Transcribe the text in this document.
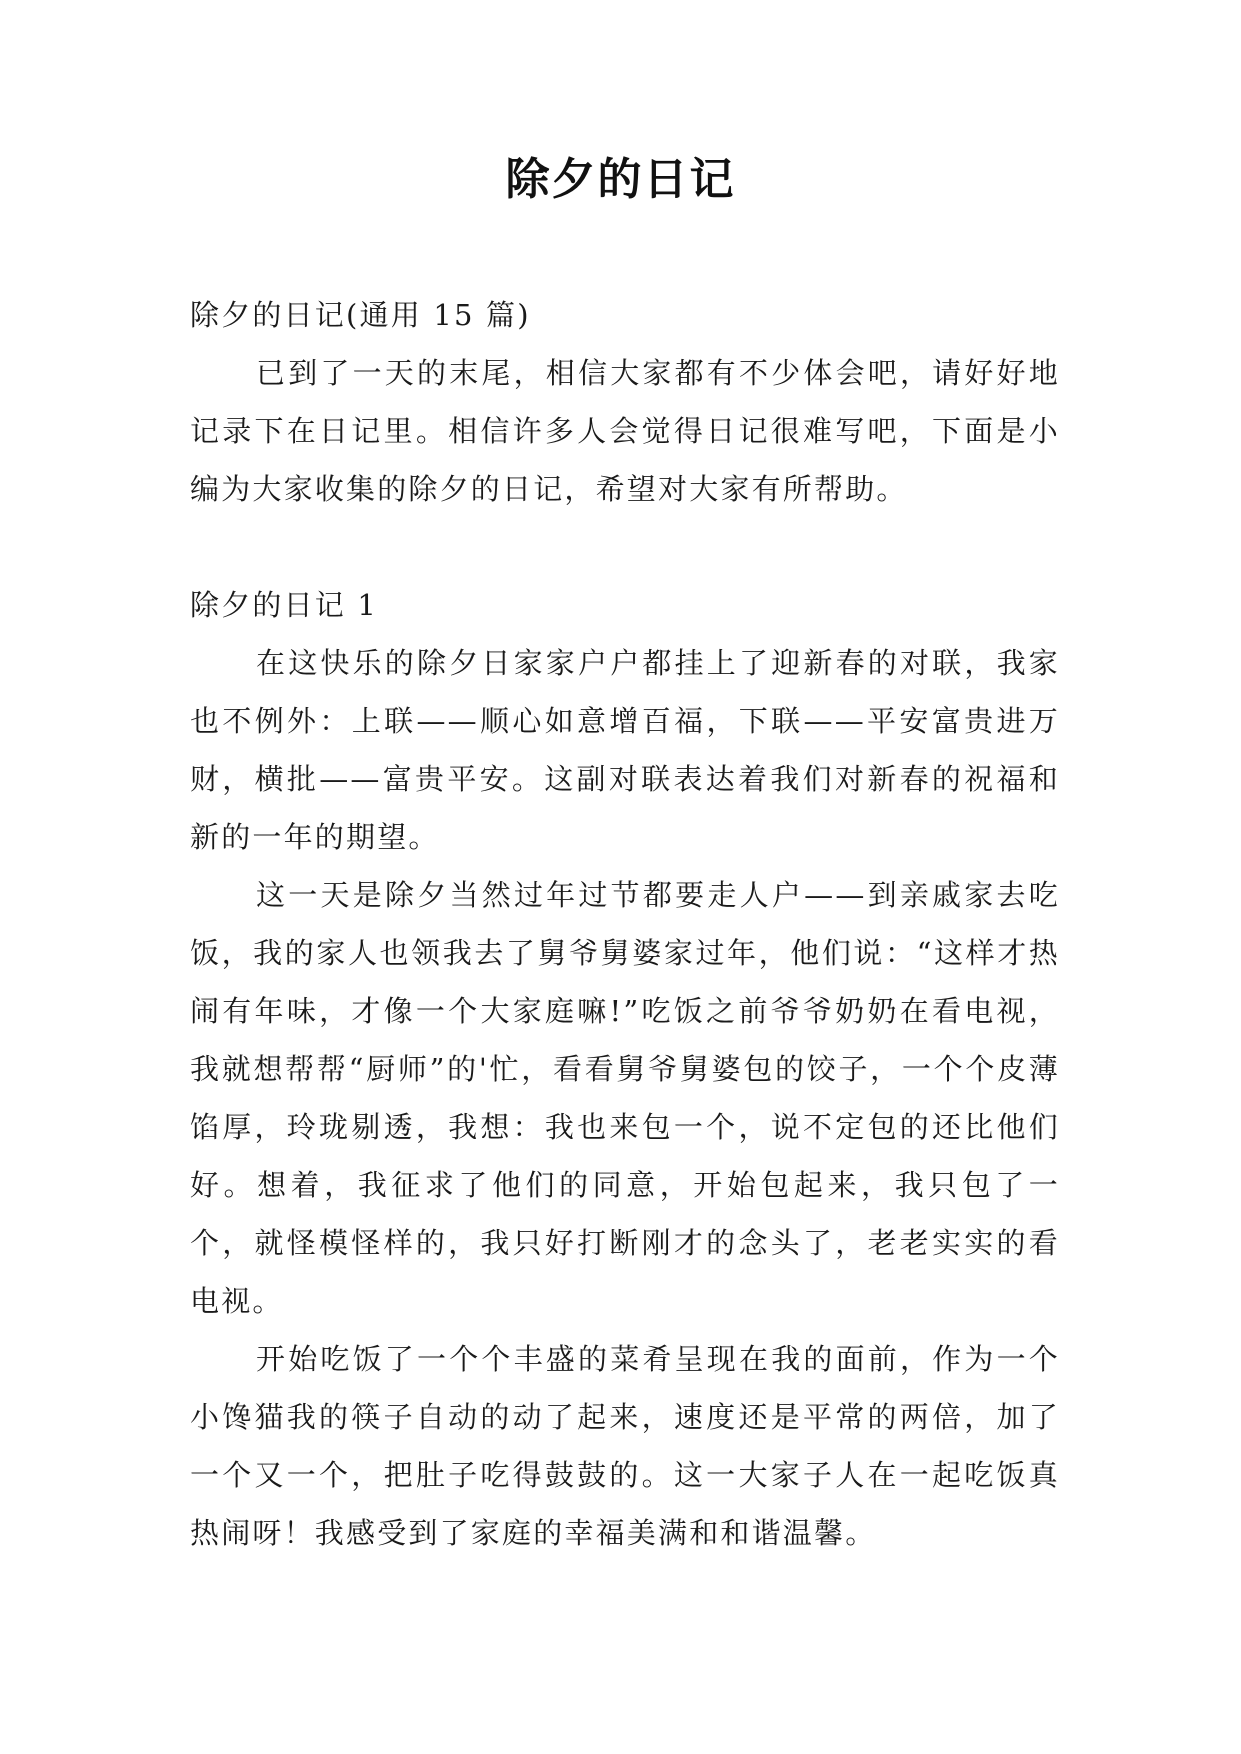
除夕的日记

除夕的日记(通用 15 篇)

已到了一天的末尾，相信大家都有不少体会吧，请好好地记录下在日记里。相信许多人会觉得日记很难写吧，下面是小编为大家收集的除夕的日记，希望对大家有所帮助。

除夕的日记 1

在这快乐的除夕日家家户户都挂上了迎新春的对联，我家也不例外：上联——顺心如意增百福，下联——平安富贵进万财，横批——富贵平安。这副对联表达着我们对新春的祝福和新的一年的期望。

这一天是除夕当然过年过节都要走人户——到亲戚家去吃饭，我的家人也领我去了舅爷舅婆家过年，他们说：“这样才热闹有年味，才像一个大家庭嘛!”吃饭之前爷爷奶奶在看电视，我就想帮帮“厨师”的'忙，看看舅爷舅婆包的饺子，一个个皮薄馅厚，玲珑剔透，我想：我也来包一个，说不定包的还比他们好。想着，我征求了他们的同意，开始包起来，我只包了一个，就怪模怪样的，我只好打断刚才的念头了，老老实实的看电视。

开始吃饭了一个个丰盛的菜肴呈现在我的面前，作为一个小馋猫我的筷子自动的动了起来，速度还是平常的两倍，加了一个又一个，把肚子吃得鼓鼓的。这一大家子人在一起吃饭真热闹呀！我感受到了家庭的幸福美满和和谐温馨。
